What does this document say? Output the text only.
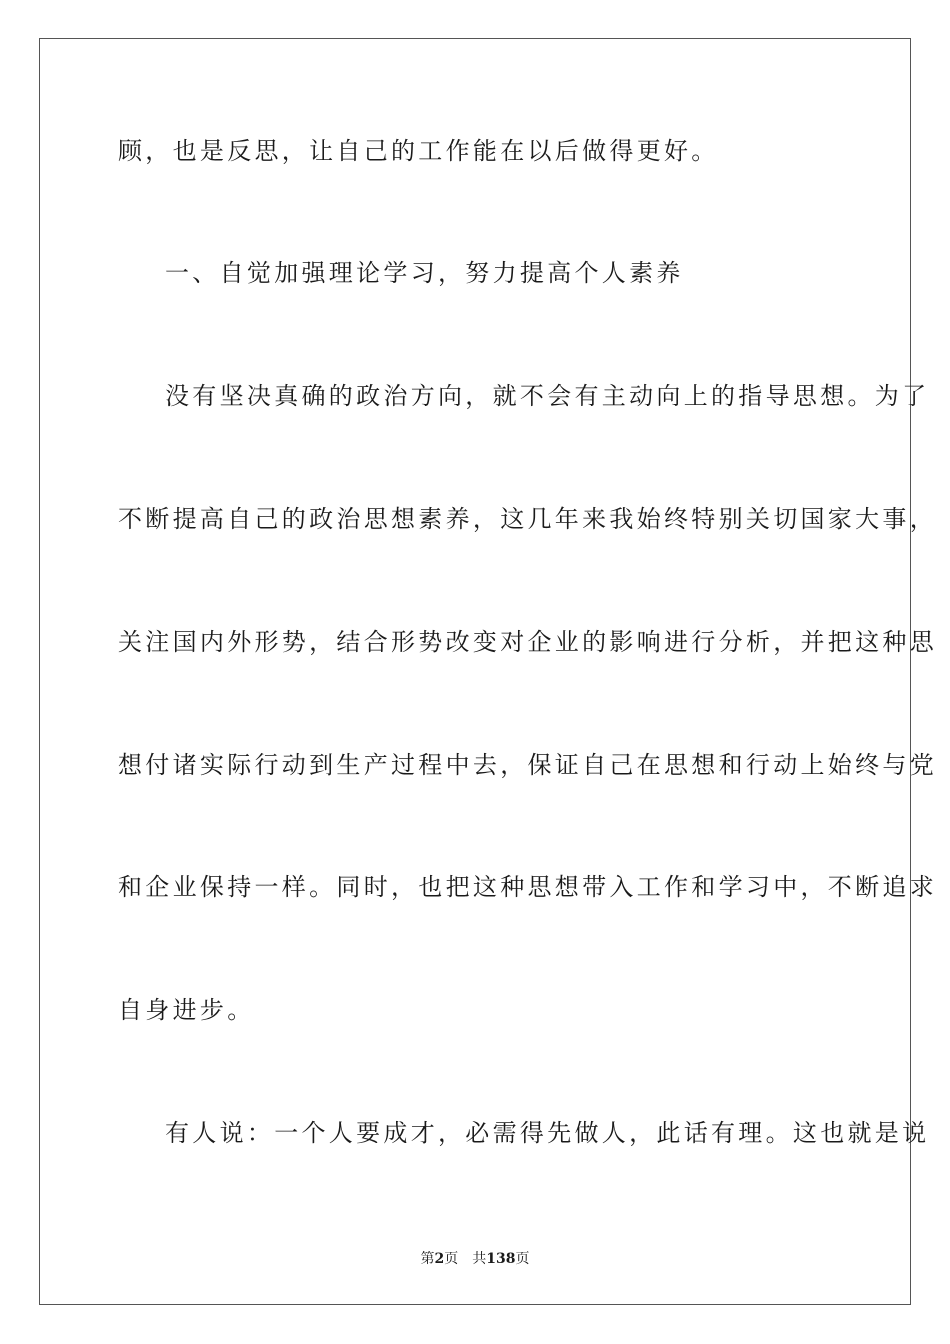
顾，也是反思，让自己的工作能在以后做得更好。
一、自觉加强理论学习，努力提高个人素养
没有坚决真确的政治方向，就不会有主动向上的指导思想。为了
不断提高自己的政治思想素养，这几年来我始终特别关切国家大事，
关注国内外形势，结合形势改变对企业的影响进行分析，并把这种思
想付诸实际行动到生产过程中去，保证自己在思想和行动上始终与党
和企业保持一样。同时，也把这种思想带入工作和学习中，不断追求
自身进步。
有人说：一个人要成才，必需得先做人，此话有理。这也就是说
第2页 共138页
